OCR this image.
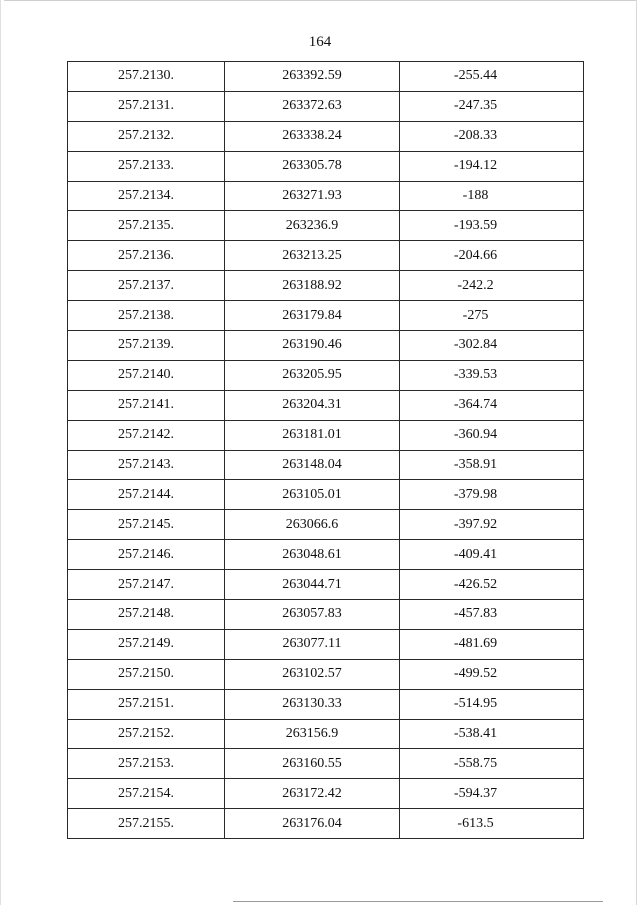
164
257.2130.	263392.59	-255.44
257.2131.	263372.63	-247.35
257.2132.	263338.24	-208.33
257.2133.	263305.78	-194.12
257.2134.	263271.93	-188
257.2135.	263236.9	-193.59
257.2136.	263213.25	-204.66
257.2137.	263188.92	-242.2
257.2138.	263179.84	-275
257.2139.	263190.46	-302.84
257.2140.	263205.95	-339.53
257.2141.	263204.31	-364.74
257.2142.	263181.01	-360.94
257.2143.	263148.04	-358.91
257.2144.	263105.01	-379.98
257.2145.	263066.6	-397.92
257.2146.	263048.61	-409.41
257.2147.	263044.71	-426.52
257.2148.	263057.83	-457.83
257.2149.	263077.11	-481.69
257.2150.	263102.57	-499.52
257.2151.	263130.33	-514.95
257.2152.	263156.9	-538.41
257.2153.	263160.55	-558.75
257.2154.	263172.42	-594.37
257.2155.	263176.04	-613.5
